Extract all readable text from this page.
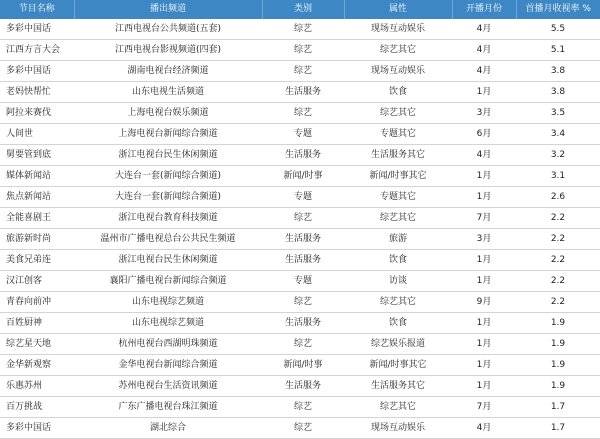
节目名称	播出频道	类别	属性	开播月份	首播月收视率 %
多彩中国话	江西电视台公共频道(五套)	综艺	现场互动娱乐	4月	5.5
江西方言大会	江西电视台影视频道(四套)	综艺	综艺其它	4月	5.1
多彩中国话	湖南电视台经济频道	综艺	现场互动娱乐	4月	3.8
老妈快帮忙	山东电视生活频道	生活服务	饮食	1月	3.8
阿拉来赛伐	上海电视台娱乐频道	综艺	综艺其它	3月	3.5
人间世	上海电视台新闻综合频道	专题	专题其它	6月	3.4
舅要管到底	浙江电视台民生休闲频道	生活服务	生活服务其它	4月	3.2
媒体新闻站	大连台一套(新闻综合频道)	新闻/时事	新闻/时事其它	1月	3.1
焦点新闻站	大连台一套(新闻综合频道)	专题	专题其它	1月	2.6
全能喜剧王	浙江电视台教育科技频道	综艺	综艺其它	7月	2.2
旅游新时尚	温州市广播电视总台公共民生频道	生活服务	旅游	3月	2.2
美食兄弟连	浙江电视台民生休闲频道	生活服务	饮食	1月	2.2
汉江创客	襄阳广播电视台新闻综合频道	专题	访谈	1月	2.2
青春向前冲	山东电视综艺频道	综艺	综艺其它	9月	2.2
百姓厨神	山东电视综艺频道	生活服务	饮食	1月	1.9
综艺星天地	杭州电视台西湖明珠频道	综艺	综艺娱乐报道	1月	1.9
金华新观察	金华电视台新闻综合频道	新闻/时事	新闻/时事其它	1月	1.9
乐惠苏州	苏州电视台生活资讯频道	生活服务	生活服务其它	1月	1.9
百万挑战	广东广播电视台珠江频道	综艺	综艺其它	7月	1.7
多彩中国话	湖北综合	综艺	现场互动娱乐	4月	1.7
